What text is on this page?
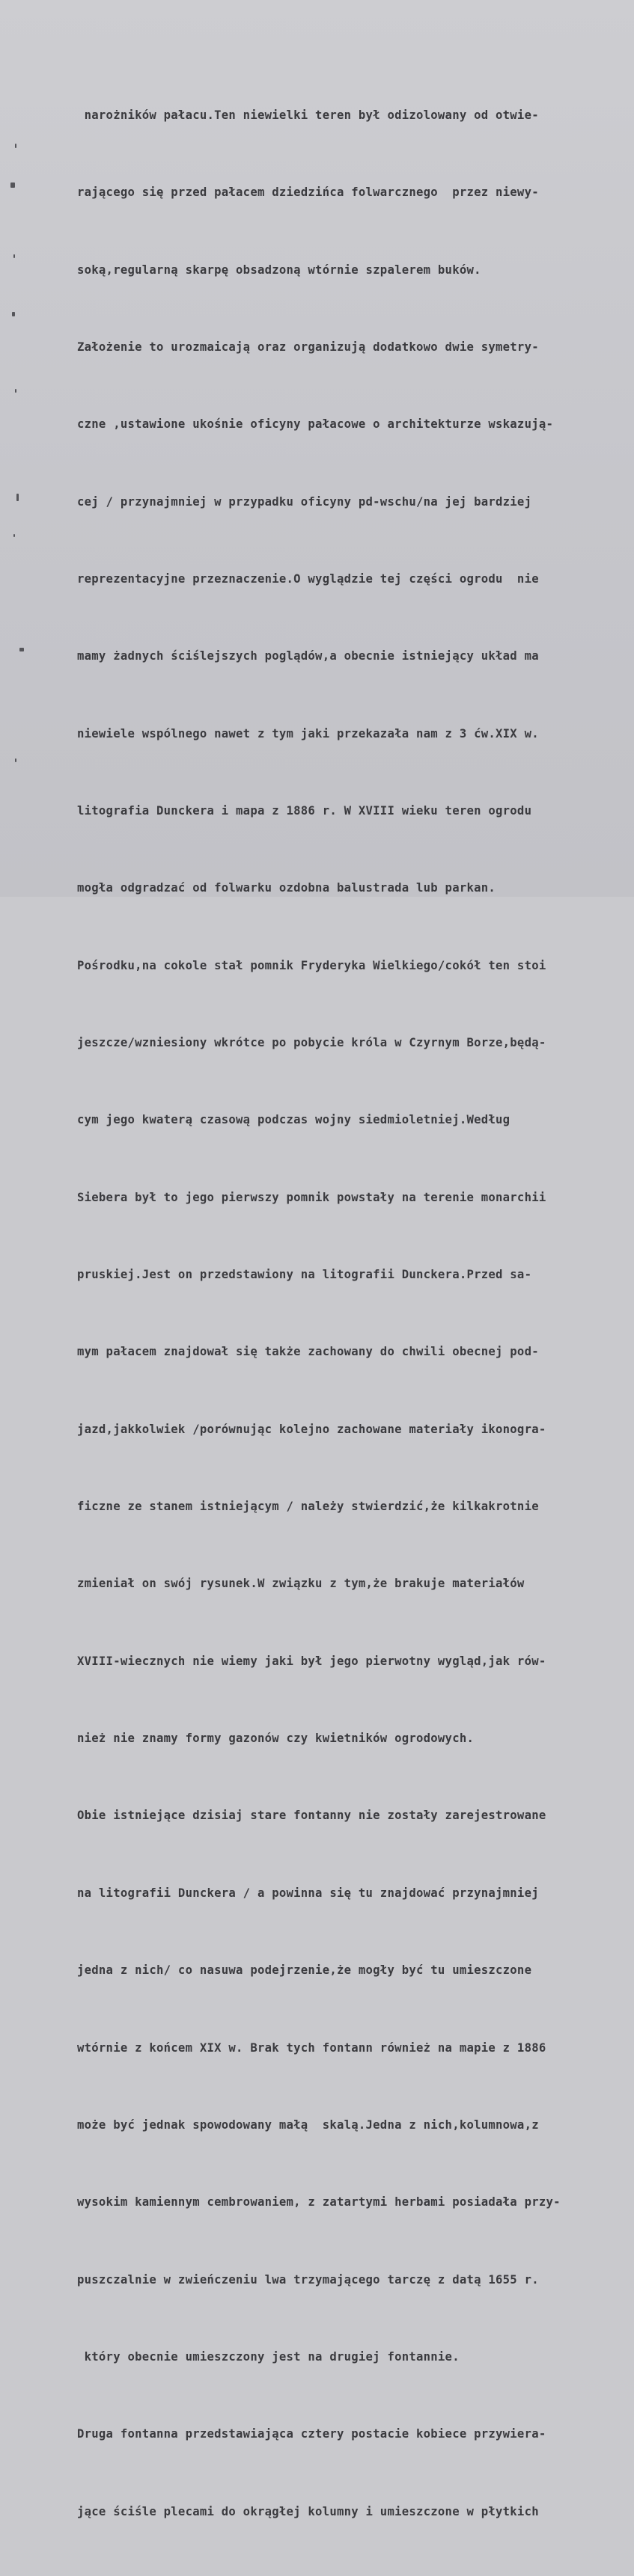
narożników pałacu.Ten niewielki teren był odizolowany od otwie-

rającego się przed pałacem dziedzińca folwarcznego  przez niewy-

soką,regularną skarpę obsadzoną wtórnie szpalerem buków.

Założenie to urozmaicają oraz organizują dodatkowo dwie symetry-

czne ,ustawione ukośnie oficyny pałacowe o architekturze wskazują-

cej / przynajmniej w przypadku oficyny pd-wschu/na jej bardziej

reprezentacyjne przeznaczenie.O wyglądzie tej części ogrodu  nie

mamy żadnych ściślejszych poglądów,a obecnie istniejący układ ma

niewiele wspólnego nawet z tym jaki przekazała nam z 3 ćw.XIX w.

litografia Dunckera i mapa z 1886 r. W XVIII wieku teren ogrodu

mogła odgradzać od folwarku ozdobna balustrada lub parkan.

Pośrodku,na cokole stał pomnik Fryderyka Wielkiego/cokół ten stoi

jeszcze/wzniesiony wkrótce po pobycie króla w Czyrnym Borze,będą-

cym jego kwaterą czasową podczas wojny siedmioletniej.Według

Siebera był to jego pierwszy pomnik powstały na terenie monarchii

pruskiej.Jest on przedstawiony na litografii Dunckera.Przed sa-

mym pałacem znajdował się także zachowany do chwili obecnej pod-

jazd,jakkolwiek /porównując kolejno zachowane materiały ikonogra-

ficzne ze stanem istniejącym / należy stwierdzić,że kilkakrotnie

zmieniał on swój rysunek.W związku z tym,że brakuje materiałów

XVIII-wiecznych nie wiemy jaki był jego pierwotny wygląd,jak rów-

nież nie znamy formy gazonów czy kwietników ogrodowych.

Obie istniejące dzisiaj stare fontanny nie zostały zarejestrowane

na litografii Dunckera / a powinna się tu znajdować przynajmniej

jedna z nich/ co nasuwa podejrzenie,że mogły być tu umieszczone

wtórnie z końcem XIX w. Brak tych fontann również na mapie z 1886

może być jednak spowodowany małą  skalą.Jedna z nich,kolumnowa,z

wysokim kamiennym cembrowaniem, z zatartymi herbami posiadała przy-

puszczalnie w zwieńczeniu lwa trzymającego tarczę z datą 1655 r.

który obecnie umieszczony jest na drugiej fontannie.

Druga fontanna przedstawiająca cztery postacie kobiece przywiera-

jące ściśle plecami do okrągłej kolumny i umieszczone w płytkich
